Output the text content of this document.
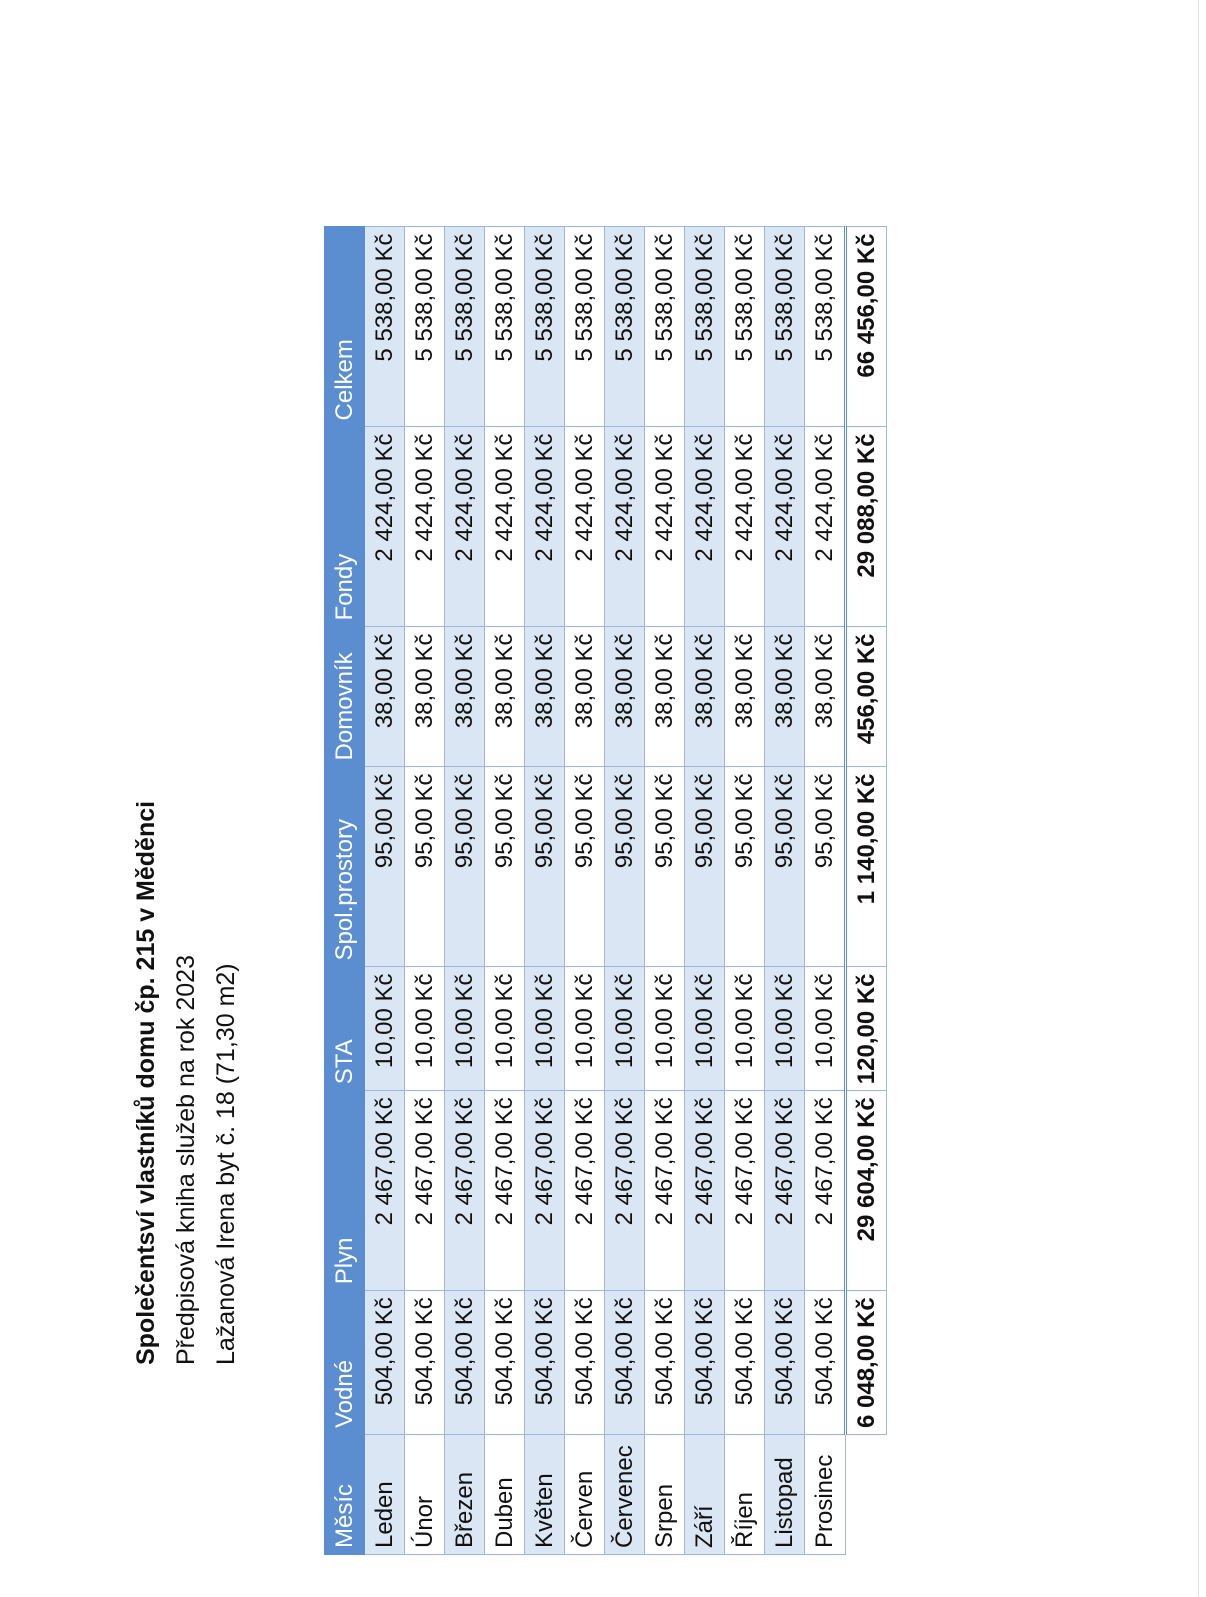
Společentsví vlastníků domu čp. 215 v Měděnci Předpisová kniha služeb na rok 2023 Lažanová Irena byt č. 18 (71,30 m2)
Měsíc	Vodné	Plyn	STA	Spol.prostory	Domovník	Fondy	Celkem
Leden	504,00 Kč	2 467,00 Kč	10,00 Kč	95,00 Kč	38,00 Kč	2 424,00 Kč	5 538,00 Kč
Únor	504,00 Kč	2 467,00 Kč	10,00 Kč	95,00 Kč	38,00 Kč	2 424,00 Kč	5 538,00 Kč
Březen	504,00 Kč	2 467,00 Kč	10,00 Kč	95,00 Kč	38,00 Kč	2 424,00 Kč	5 538,00 Kč
Duben	504,00 Kč	2 467,00 Kč	10,00 Kč	95,00 Kč	38,00 Kč	2 424,00 Kč	5 538,00 Kč
Květen	504,00 Kč	2 467,00 Kč	10,00 Kč	95,00 Kč	38,00 Kč	2 424,00 Kč	5 538,00 Kč
Červen	504,00 Kč	2 467,00 Kč	10,00 Kč	95,00 Kč	38,00 Kč	2 424,00 Kč	5 538,00 Kč
Červenec	504,00 Kč	2 467,00 Kč	10,00 Kč	95,00 Kč	38,00 Kč	2 424,00 Kč	5 538,00 Kč
Srpen	504,00 Kč	2 467,00 Kč	10,00 Kč	95,00 Kč	38,00 Kč	2 424,00 Kč	5 538,00 Kč
Září	504,00 Kč	2 467,00 Kč	10,00 Kč	95,00 Kč	38,00 Kč	2 424,00 Kč	5 538,00 Kč
Říjen	504,00 Kč	2 467,00 Kč	10,00 Kč	95,00 Kč	38,00 Kč	2 424,00 Kč	5 538,00 Kč
Listopad	504,00 Kč	2 467,00 Kč	10,00 Kč	95,00 Kč	38,00 Kč	2 424,00 Kč	5 538,00 Kč
Prosinec	504,00 Kč	2 467,00 Kč	10,00 Kč	95,00 Kč	38,00 Kč	2 424,00 Kč	5 538,00 Kč
	6 048,00 Kč	29 604,00 Kč	120,00 Kč	1 140,00 Kč	456,00 Kč	29 088,00 Kč	66 456,00 Kč
